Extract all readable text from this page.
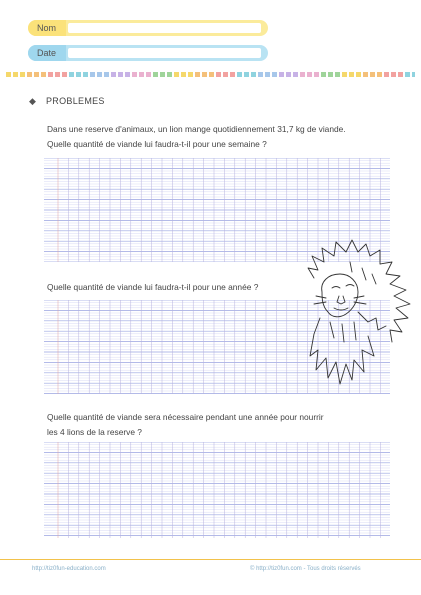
Nom
Date
◆ PROBLEMES
Dans une reserve d'animaux, un lion mange quotidiennement 31,7 kg de viande.
Quelle quantité de viande lui faudra-t-il pour une semaine ?
Quelle quantité de viande lui faudra-t-il pour une année ?
Quelle quantité de viande sera nécessaire pendant une année pour nourrir
les 4 lions de la reserve ?
http://tiz0fun-education.com	© http://tiz0fun.com - Tous droits réservés
